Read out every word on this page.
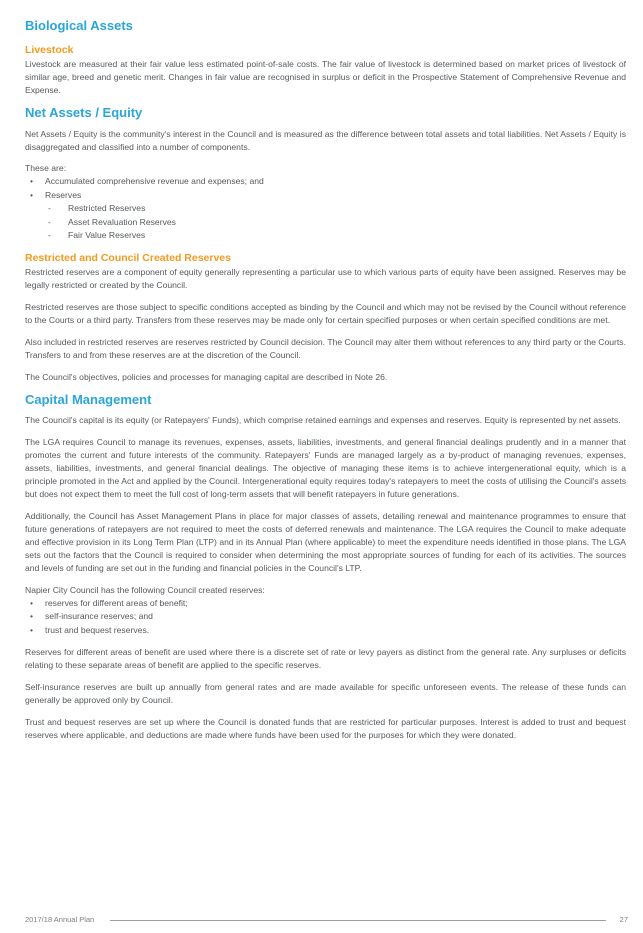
Biological Assets
Livestock

Livestock are measured at their fair value less estimated point-of-sale costs. The fair value of livestock is determined based on market prices of livestock of similar age, breed and genetic merit. Changes in fair value are recognised in surplus or deficit in the Prospective Statement of Comprehensive Revenue and Expense.

Net Assets / Equity

Net Assets / Equity is the community's interest in the Council and is measured as the difference between total assets and total liabilities. Net Assets / Equity is disaggregated and classified into a number of components.

These are:

• Accumulated comprehensive revenue and expenses; and
• Reserves
- Restricted Reserves
- Asset Revaluation Reserves
- Fair Value Reserves
Restricted and Council Created Reserves

Restricted reserves are a component of equity generally representing a particular use to which various parts of equity have been assigned. Reserves may be legally restricted or created by the Council.

Restricted reserves are those subject to specific conditions accepted as binding by the Council and which may not be revised by the Council without reference to the Courts or a third party. Transfers from these reserves may be made only for certain specified purposes or when certain specified conditions are met.

Also included in restricted reserves are reserves restricted by Council decision. The Council may alter them without references to any third party or the Courts. Transfers to and from these reserves are at the discretion of the Council.

The Council's objectives, policies and processes for managing capital are described in Note 26.

Capital Management

The Council's capital is its equity (or Ratepayers' Funds), which comprise retained earnings and expenses and reserves. Equity is represented by net assets.

The LGA requires Council to manage its revenues, expenses, assets, liabilities, investments, and general financial dealings prudently and in a manner that promotes the current and future interests of the community. Ratepayers' Funds are managed largely as a by-product of managing revenues, expenses, assets, liabilities, investments, and general financial dealings. The objective of managing these items is to achieve intergenerational equity, which is a principle promoted in the Act and applied by the Council. Intergenerational equity requires today's ratepayers to meet the costs of utilising the Council's assets but does not expect them to meet the full cost of long-term assets that will benefit ratepayers in future generations.

Additionally, the Council has Asset Management Plans in place for major classes of assets, detailing renewal and maintenance programmes to ensure that future generations of ratepayers are not required to meet the costs of deferred renewals and maintenance. The LGA requires the Council to make adequate and effective provision in its Long Term Plan (LTP) and in its Annual Plan (where applicable) to meet the expenditure needs identified in those plans. The LGA sets out the factors that the Council is required to consider when determining the most appropriate sources of funding for each of its activities. The sources and levels of funding are set out in the funding and financial policies in the Council's LTP.

Napier City Council has the following Council created reserves:

• reserves for different areas of benefit;
• self-insurance reserves; and
• trust and bequest reserves.

Reserves for different areas of benefit are used where there is a discrete set of rate or levy payers as distinct from the general rate. Any surpluses or deficits relating to these separate areas of benefit are applied to the specific reserves.

Self-insurance reserves are built up annually from general rates and are made available for specific unforeseen events. The release of these funds can generally be approved only by Council.

Trust and bequest reserves are set up where the Council is donated funds that are restricted for particular purposes. Interest is added to trust and bequest reserves where applicable, and deductions are made where funds have been used for the purposes for which they were donated.

2017/18 Annual Plan	27
